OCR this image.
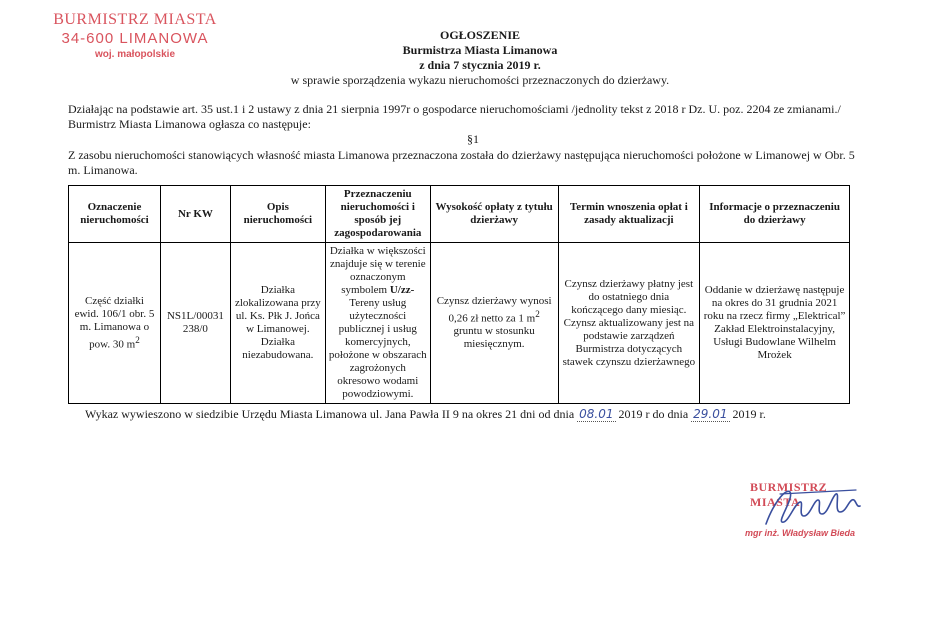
BURMISTRZ MIASTA
34-600 LIMANOWA
woj. małopolskie
OGŁOSZENIE
Burmistrza Miasta Limanowa
z dnia 7 stycznia 2019 r.
w sprawie sporządzenia wykazu nieruchomości przeznaczonych do dzierżawy.
Działając na podstawie art. 35 ust.1 i 2 ustawy z dnia 21 sierpnia 1997r o gospodarce nieruchomościami /jednolity tekst z 2018 r Dz. U. poz. 2204 ze zmianami./ Burmistrz Miasta Limanowa ogłasza co następuje:
§1
Z zasobu nieruchomości stanowiących własność miasta Limanowa przeznaczona została do dzierżawy następująca nieruchomości położone w Limanowej w Obr. 5 m. Limanowa.
Oznaczenie nieruchomości	Nr KW	Opis nieruchomości	Przeznaczeniu nieruchomości i sposób jej zagospodarowania	Wysokość opłaty z tytułu dzierżawy	Termin wnoszenia opłat i zasady aktualizacji	Informacje o przeznaczeniu do dzierżawy
Część działki ewid. 106/1 obr. 5 m. Limanowa o pow. 30 $m^2$	NS1L/00031 238/0	Działka zlokalizowana przy ul. Ks. Płk J. Jońca w Limanowej. Działka niezabudowana.	Działka w większości znajduje się w terenie oznaczonym symbolem U/zz- Tereny usług użyteczności publicznej i usług komercyjnych, położone w obszarach zagrożonych okresowo wodami powodziowymi.	Czynsz dzierżawy wynosi 0,26 zł netto za 1 $m^2$ gruntu w stosunku miesięcznym.	Czynsz dzierżawy płatny jest do ostatniego dnia kończącego dany miesiąc. Czynsz aktualizowany jest na podstawie zarządzeń Burmistrza dotyczących stawek czynszu dzierżawnego	Oddanie w dzierżawę następuje na okres do 31 grudnia 2021 roku na rzecz firmy „Elektrical” Zakład Elektroinstalacyjny, Usługi Budowlane Wilhelm Mrożek
Wykaz wywieszono w siedzibie Urzędu Miasta Limanowa ul. Jana Pawła II 9 na okres 21 dni od dnia 08.01 2019 r do dnia 29.01 2019 r.
BURMISTRZ MIASTA
mgr inż. Władysław Bieda
